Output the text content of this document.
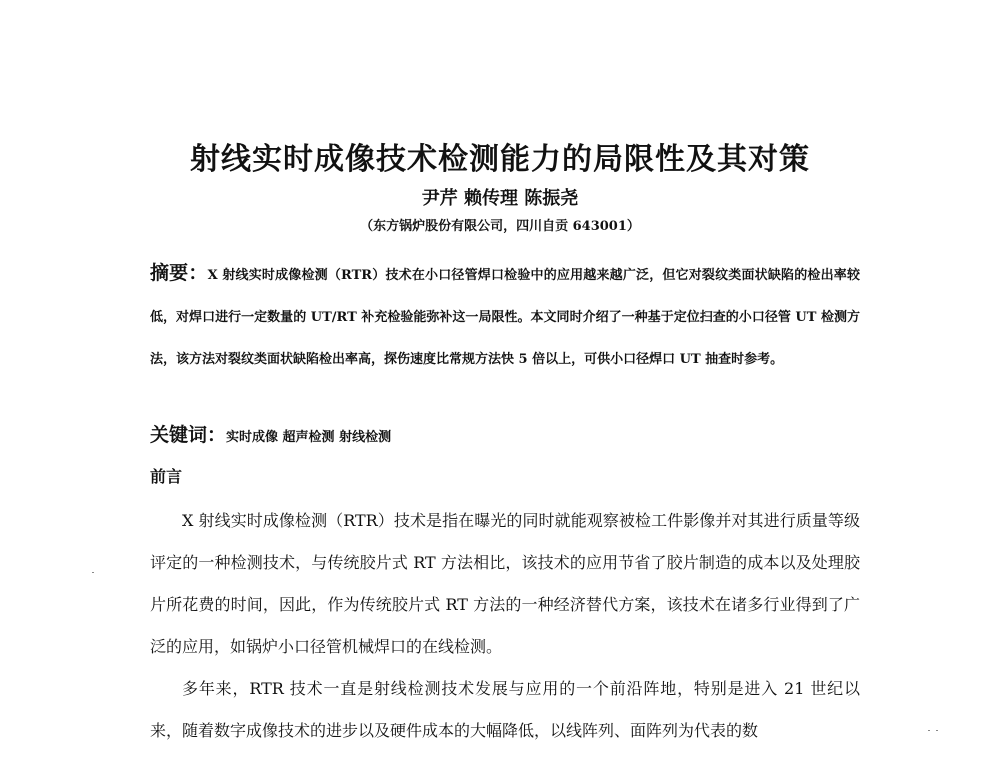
射线实时成像技术检测能力的局限性及其对策
尹芹 赖传理 陈振尧
（东方锅炉股份有限公司，四川自贡 643001）
摘要：X 射线实时成像检测（RTR）技术在小口径管焊口检验中的应用越来越广泛，但它对裂纹类面状缺陷的检出率较低，对焊口进行一定数量的 UT/RT 补充检验能弥补这一局限性。本文同时介绍了一种基于定位扫查的小口径管 UT 检测方法，该方法对裂纹类面状缺陷检出率高，探伤速度比常规方法快 5 倍以上，可供小口径焊口 UT 抽查时参考。
关键词：实时成像 超声检测 射线检测
前言

X 射线实时成像检测（RTR）技术是指在曝光的同时就能观察被检工件影像并对其进行质量等级评定的一种检测技术，与传统胶片式 RT 方法相比，该技术的应用节省了胶片制造的成本以及处理胶片所花费的时间，因此，作为传统胶片式 RT 方法的一种经济替代方案，该技术在诸多行业得到了广泛的应用，如锅炉小口径管机械焊口的在线检测。

多年来，RTR 技术一直是射线检测技术发展与应用的一个前沿阵地，特别是进入 21 世纪以来，随着数字成像技术的进步以及硬件成本的大幅降低，以线阵列、面阵列为代表的数
